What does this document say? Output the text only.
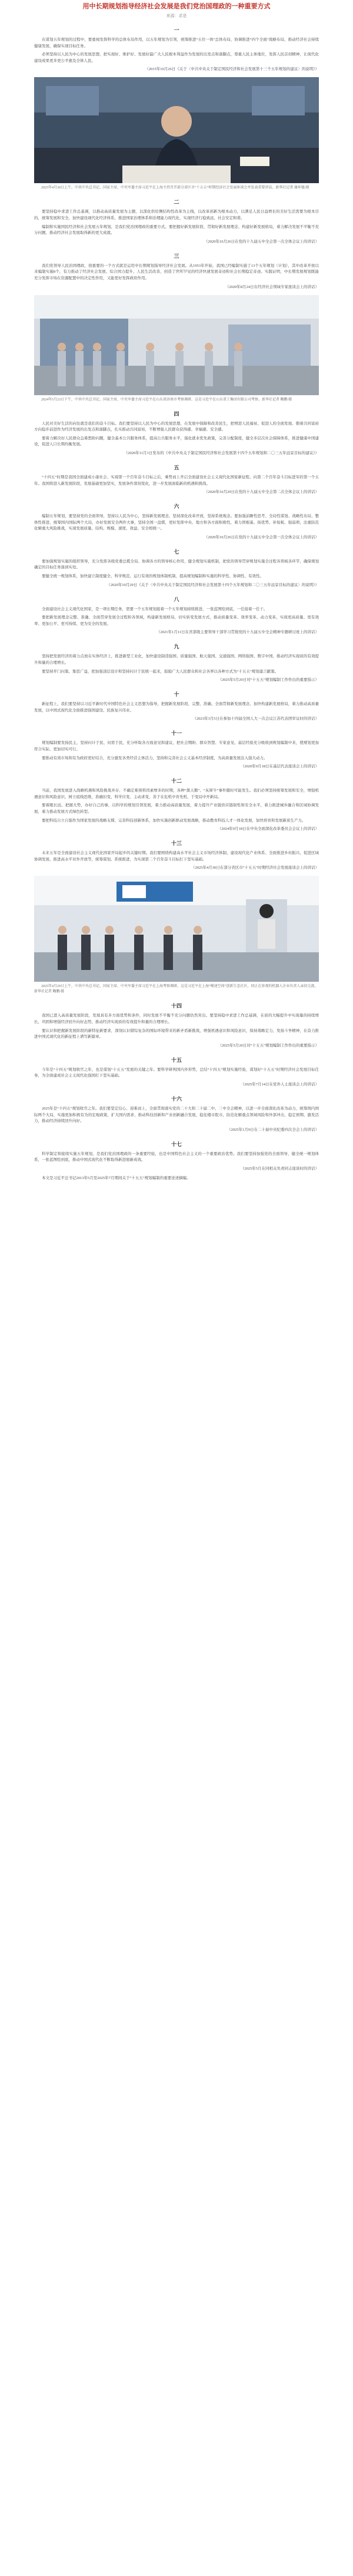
用中长期规划指导经济社会发展是我们党治国理政的一种重要方式
来源：求是
一
在谋划五年规划的过程中，要重视发挥科学的总体布局作用，以五年规划为引领，统筹推进“五位一体”总体布局，协调推进“四个全面”战略布局，推动经济社会持续健康发展，确保实现目标任务。
必须坚持以人民为中心的发展思想，把实现好、维护好、发展好最广大人民根本利益作为发展的出发点和落脚点，尊重人民主体地位，发挥人民首创精神，让现代化建设成果更多更公平惠及全体人民。
（2015年10月26日《关于〈中共中央关于制定国民经济和社会发展第十三个五年规划的建议〉的说明》）
2025年4月30日上午，中共中央总书记、国家主席、中央军委主席习近平在上海主持召开部分省区市“十五五”时期经济社会发展座谈会并发表重要讲话。新华社记者 谢环驰/摄
二
要坚持稳中求进工作总基调，以推动高质量发展为主题，以深化供给侧结构性改革为主线，以改革创新为根本动力，以满足人民日益增长的美好生活需要为根本目的，统筹发展和安全，加快建设现代化经济体系，推进国家治理体系和治理能力现代化，实现经济行稳致远、社会安定和谐。
编制和实施国民经济和社会发展五年规划，是我们党治国理政的重要方式。要把握好新发展阶段、贯彻好新发展理念、构建好新发展格局，着力解决发展不平衡不充分问题，推动经济社会发展取得新的更大成就。
（2020年10月26日在党的十九届五中全会第一次全体会议上的讲话）
三
我们党领导人民治国理政，很重要的一个方式就是运用中长期规划指导经济社会发展。从1953年开始，我国已经编制实施了13个五年规划（计划），其中改革开放以来编制实施8个，有力推动了经济社会发展、综合国力提升、人民生活改善，创造了世所罕见的经济快速发展奇迹和社会长期稳定奇迹。实践证明，中长期发展规划既能充分发挥市场在资源配置中的决定性作用，又能更好发挥政府作用。
（2020年8月24日在经济社会领域专家座谈会上的讲话）
2024年5月23日下午，中共中央总书记、国家主席、中央军委主席习近平在山东省济南市考察调研。这是习近平在山东重工集团有限公司考察。新华社记者 鞠鹏/摄
四
人民对美好生活的向往就是我们的奋斗目标。我们要坚持以人民为中心的发展思想，在发展中保障和改善民生，把增进人民福祉、促进人的全面发展、朝着共同富裕方向稳步前进作为经济发展的出发点和落脚点，扎实推动共同富裕，不断增强人民群众获得感、幸福感、安全感。
要着力解决好人民群众急难愁盼问题，健全基本公共服务体系，提高公共服务水平，强化就业优先政策，完善分配制度，健全多层次社会保障体系，推进健康中国建设，促进人口长期均衡发展。
（2020年11月3日发布的《中共中央关于制定国民经济和社会发展第十四个五年规划和二〇三五年远景目标的建议》）
五
“十四五”时期是我国全面建成小康社会、实现第一个百年奋斗目标之后，乘势而上开启全面建设社会主义现代化国家新征程、向第二个百年奋斗目标进军的第一个五年。我国将进入新发展阶段，发展基础更加坚实，发展条件深刻变化，进一步发展面临新的机遇和挑战。
（2020年10月29日在党的十九届五中全会第二次全体会议上的讲话）
六
编制五年规划，要坚持党的全面领导，坚持以人民为中心，坚持新发展理念，坚持深化改革开放，坚持系统观念。要加强前瞻性思考、全局性谋划、战略性布局、整体性推进，统筹国内国际两个大局，办好发展安全两件大事，坚持全国一盘棋，更好发挥中央、地方和各方面积极性，着力固根基、扬优势、补短板、强弱项，注重防范化解重大风险挑战，实现发展质量、结构、规模、速度、效益、安全相统一。
（2020年10月26日在党的十九届五中全会第一次全体会议上的讲话）
七
要加强规划实施的组织领导，充分发挥各级党委总揽全局、协调各方的领导核心作用，健全规划实施机制，把党的领导贯穿规划实施全过程各领域各环节，确保规划确定的目标任务落到实处。
要健全统一规划体系，加快建立制度健全、科学规范、运行有效的规划体制机制，提高规划编制和实施的科学性、协调性、有效性。
（2020年10月29日《关于〈中共中央关于制定国民经济和社会发展第十四个五年规划和二〇三五年远景目标的建议〉的说明》）
八
全面建设社会主义现代化国家，是一项长期任务，需要一个五年规划接着一个五年规划持续推进，一张蓝图绘到底，一任接着一任干。
要把新发展理念完整、准确、全面贯穿发展全过程和各领域，构建新发展格局，切实转变发展方式，推动质量变革、效率变革、动力变革，实现更高质量、更有效率、更加公平、更可持续、更为安全的发展。
（2021年1月11日在省部级主要领导干部学习贯彻党的十九届五中全会精神专题研讨班上的讲话）
九
坚持把发展经济的着力点放在实体经济上，推进新型工业化，加快建设制造强国、质量强国、航天强国、交通强国、网络强国、数字中国，推动经济实现质的有效提升和量的合理增长。
要坚持开门问策、集思广益，把加强顶层设计和坚持问计于民统一起来，鼓励广大人民群众和社会各界以各种方式为“十五五”规划建言献策。
（2025年5月20日对“十五五”规划编制工作作出的重要指示）
十
新征程上，我们要坚持以习近平新时代中国特色社会主义思想为指导，把握新发展阶段，完整、准确、全面贯彻新发展理念，加快构建新发展格局，着力推动高质量发展，以中国式现代化全面推进强国建设、民族复兴伟业。
（2023年3月5日在参加十四届全国人大一次会议江苏代表团审议时的讲话）
十一
规划编制要发扬民主，坚持问计于民、问需于民，充分听取各方面意见和建议，把社会期盼、群众智慧、专家意见、基层经验充分吸收到规划编制中来，使规划更加符合实际、更加切实可行。
要推动有效市场和有为政府更好结合，充分激发各类经营主体活力，坚持和完善社会主义基本经济制度，为高质量发展注入强大动力。
（2020年9月18日在基层代表座谈会上的讲话）
十二
当前，我国发展进入战略机遇和风险挑战并存、不确定难预料因素增多的时期，各种“黑天鹅”、“灰犀牛”事件随时可能发生。我们必须坚持统筹发展和安全，增强机遇意识和风险意识，树立底线思维，准确识变、科学应变、主动求变，善于在危机中育先机、于变局中开新局。
要着眼长远、把握大势，办好自己的事，以科学的规划引领发展，着力推动高质量发展，着力提升产业链供应链韧性和安全水平，着力推进城乡融合和区域协调发展，着力推动发展方式绿色转型。
要把科技自立自强作为国家发展的战略支撑，完善科技创新体系，加快实施创新驱动发展战略，推动教育科技人才一体化发展，加快培育和发展新质生产力。
（2024年9月18日在中央全面深化改革委员会会议上的讲话）
十三
未来五年是全面建设社会主义现代化国家开局起步的关键时期。我们要围绕构建高水平社会主义市场经济体制、建设现代化产业体系、全面推进乡村振兴、促进区域协调发展、推进高水平对外开放等，统筹谋划、系统推进，为实现第二个百年奋斗目标打下坚实基础。
（2025年4月30日在部分省区市“十五五”时期经济社会发展座谈会上的讲话）
2025年4月29日上午，中共中央总书记、国家主席、中央军委主席习近平在上海考察调研。这是习近平在上海“模速空间”创新生态社区，同正在参观的机器人企业负责人亲切交流。新华社记者 鞠鹏/摄
十四
我国已进入高质量发展阶段，发展具有多方面优势和条件，同时发展不平衡不充分问题仍然突出。要坚持稳中求进工作总基调，在质的大幅提升中实现量的持续增长，巩固和增强经济回升向好态势，推动经济实现质的有效提升和量的合理增长。
要认识和把握新发展阶段的新特征新要求，深刻认识错综复杂的国际环境带来的新矛盾新挑战，增强机遇意识和风险意识，保持战略定力，发扬斗争精神，在奋力推进中国式现代化的新征程上谱写新篇章。
（2025年5月20日对“十五五”规划编制工作作出的重要指示）
十五
今年是“十四五”规划收官之年，也是谋划“十五五”发展的关键之年。要科学研判国内外形势，总结“十四五”规划实施经验，谋划好“十五五”时期经济社会发展目标任务，为全面建成社会主义现代化强国打下坚实基础。
（2025年7月14日在党外人士座谈会上的讲话）
十六
2025年是“十四五”规划收官之年。我们要坚定信心、迎难而上，全面贯彻落实党的二十大和二十届二中、三中全会精神，以进一步全面深化改革为动力，统筹国内国际两个大局，实施更加积极有为的宏观政策，扩大国内需求，推动科技创新和产业创新融合发展，稳住楼市股市，防范化解重点领域风险和外部冲击，稳定预期、激发活力，推动经济持续回升向好。
（2025年1月9日在二十届中央纪委四次全会上的讲话）
十七
科学制定和接续实施五年规划，是我们党治国理政的一条重要经验，也是中国特色社会主义的一个重要政治优势。我们要坚持加强党的全面领导，健全统一规划体系，一张蓝图绘到底，推动中国式现代化不断取得新进展新成效。
（2025年5月在同相关负责同志座谈时的讲话）
本文是习近平总书记2013年5月至2025年7月期间关于“十五五”规划编制的重要论述摘编。
